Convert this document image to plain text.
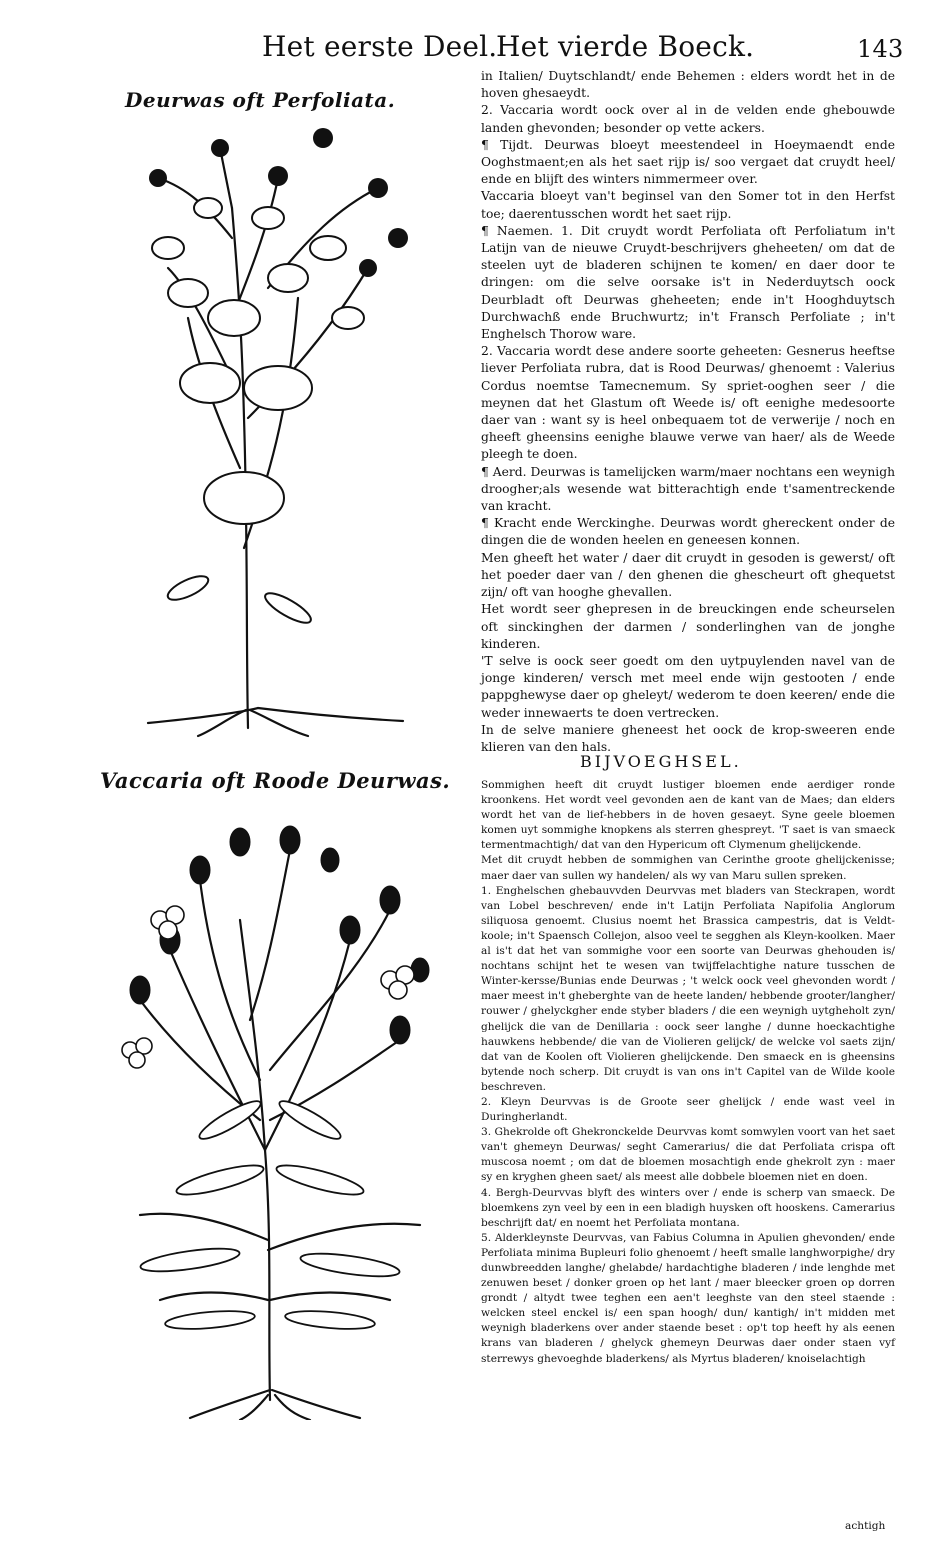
Het eerste Deel.
Het vierde Boeck.	143
Deurwas oft Perfoliata.
Vaccaria oft Roode Deurwas.

in Italien/ Duytschlandt/ ende Behemen : elders wordt het in de hoven ghesaeydt.

2. Vaccaria wordt oock over al in de velden ende ghebouwde landen ghevonden; besonder op vette ackers.

¶ Tijdt. Deurwas bloeyt meestendeel in Hoeymaendt ende Ooghstmaent;en als het saet rijp is/ soo vergaet dat cruydt heel/ ende en blijft des winters nimmermeer over.

Vaccaria bloeyt van't beginsel van den Somer tot in den Herfst toe; daerentusschen wordt het saet rijp.

¶ Naemen. 1. Dit cruydt wordt Perfoliata oft Perfoliatum in't Latijn van de nieuwe Cruydt-beschrijvers gheheeten/ om dat de steelen uyt de bladeren schijnen te komen/ en daer door te dringen: om die selve oorsake is't in Nederduytsch oock Deurbladt oft Deurwas gheheeten; ende in't Hooghduytsch Durchwachß ende Bruchwurtz; in't Fransch Perfoliate ; in't Enghelsch Thorow ware.

2. Vaccaria wordt dese andere soorte geheeten: Gesnerus heeftse liever Perfoliata rubra, dat is Rood Deurwas/ ghenoemt : Valerius Cordus noemtse Tamecnemum. Sy spriet-ooghen seer / die meynen dat het Glastum oft Weede is/ oft eenighe medesoorte daer van : want sy is heel onbequaem tot de verwerije / noch en gheeft gheensins eenighe blauwe verwe van haer/ als de Weede pleegh te doen.

¶ Aerd. Deurwas is tamelijcken warm/maer nochtans een weynigh droogher;als wesende wat bitterachtigh ende t'samentreckende van kracht.

¶ Kracht ende Werckinghe. Deurwas wordt ghereckent onder de dingen die de wonden heelen en geneesen konnen.

Men gheeft het water / daer dit cruydt in gesoden is gewerst/ oft het poeder daer van / den ghenen die ghescheurt oft ghequetst zijn/ oft van hooghe ghevallen.

Het wordt seer ghepresen in de breuckingen ende scheurselen oft sinckinghen der darmen / sonderlinghen van de jonghe kinderen.

'T selve is oock seer goedt om den uytpuylenden navel van de jonge kinderen/ versch met meel ende wijn gestooten / ende pappghewyse daer op gheleyt/ wederom te doen keeren/ ende die weder innewaerts te doen vertrecken.

In de selve maniere gheneest het oock de krop-sweeren ende klieren van den hals.

BIJVOEGHSEL.

Sommighen heeft dit cruydt lustiger bloemen ende aerdiger ronde kroonkens. Het wordt veel gevonden aen de kant van de Maes; dan elders wordt het van de lief-hebbers in de hoven gesaeyt. Syne geele bloemen komen uyt sommighe knopkens als sterren ghespreyt. 'T saet is van smaeck termentmachtigh/ dat van den Hypericum oft Clymenum ghelijckende.

Met dit cruydt hebben de sommighen van Cerinthe groote ghelijckenisse; maer daer van sullen wy handelen/ als wy van Maru sullen spreken.

1. Enghelschen ghebauvvden Deurvvas met bladers van Steckrapen, wordt van Lobel beschreven/ ende in't Latijn Perfoliata Napifolia Anglorum siliquosa genoemt. Clusius noemt het Brassica campestris, dat is Veldt-koole; in't Spaensch Collejon, alsoo veel te segghen als Kleyn-koolken. Maer al is't dat het van sommighe voor een soorte van Deurwas ghehouden is/ nochtans schijnt het te wesen van twijffelachtighe nature tusschen de Winter-kersse/Bunias ende Deurwas ; 't welck oock veel ghevonden wordt / maer meest in't gheberghte van de heete landen/ hebbende grooter/langher/ rouwer / ghelyckgher ende styber bladers / die een weynigh uytgheholt zyn/ ghelijck die van de Denillaria : oock seer langhe / dunne hoeckachtighe hauwkens hebbende/ die van de Violieren gelijck/ de welcke vol saets zijn/ dat van de Koolen oft Violieren ghelijckende. Den smaeck en is gheensins bytende noch scherp. Dit cruydt is van ons in't Capitel van de Wilde koole beschreven.

2. Kleyn Deurvvas is de Groote seer ghelijck / ende wast veel in Duringherlandt.

3. Ghekrolde oft Ghekronckelde Deurvvas komt somwylen voort van het saet van't ghemeyn Deurwas/ seght Camerarius/ die dat Perfoliata crispa oft muscosa noemt ; om dat de bloemen mosachtigh ende ghekrolt zyn : maer sy en kryghen gheen saet/ als meest alle dobbele bloemen niet en doen.

4. Bergh-Deurvvas blyft des winters over / ende is scherp van smaeck. De bloemkens zyn veel by een in een bladigh huysken oft hooskens. Camerarius beschrijft dat/ en noemt het Perfoliata montana.

5. Alderkleynste Deurvvas, van Fabius Columna in Apulien ghevonden/ ende Perfoliata minima Bupleuri folio ghenoemt / heeft smalle langhworpighe/ dry dunwbreedden langhe/ ghelabde/ hardachtighe bladeren / inde lenghde met zenuwen beset / donker groen op het lant / maer bleecker groen op dorren grondt / altydt twee teghen een aen't leeghste van den steel staende : welcken steel enckel is/ een span hoogh/ dun/ kantigh/ in't midden met weynigh bladerkens over ander staende beset : op't top heeft hy als eenen krans van bladeren / ghelyck ghemeyn Deurwas daer onder staen vyf sterrewys ghevoeghde bladerkens/ als Myrtus bladeren/ knoiselachtigh

achtigh
